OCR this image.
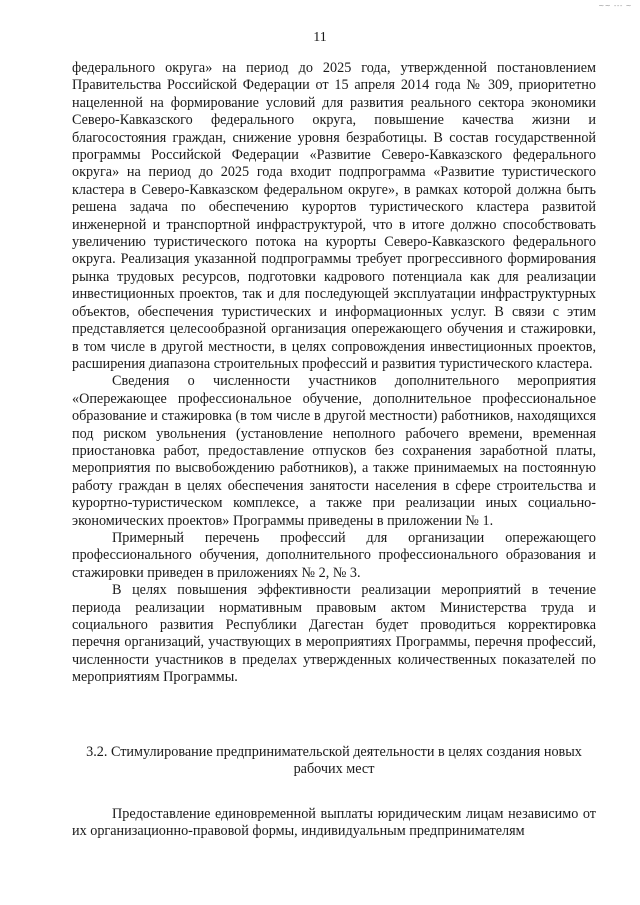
~~ --- ~
11

федерального округа» на период до 2025 года, утвержденной постановлением Правительства Российской Федерации от 15 апреля 2014 года № 309, приоритетно нацеленной на формирование условий для развития реального сектора экономики Северо-Кавказского федерального округа, повышение качества жизни и благосостояния граждан, снижение уровня безработицы. В состав государственной программы Российской Федерации «Развитие Северо-Кавказского федерального округа» на период до 2025 года входит подпрограмма «Развитие туристического кластера в Северо-Кавказском федеральном округе», в рамках которой должна быть решена задача по обеспечению курортов туристического кластера развитой инженерной и транспортной инфраструктурой, что в итоге должно способствовать увеличению туристического потока на курорты Северо-Кавказского федерального округа. Реализация указанной подпрограммы требует прогрессивного формирования рынка трудовых ресурсов, подготовки кадрового потенциала как для реализации инвестиционных проектов, так и для последующей эксплуатации инфраструктурных объектов, обеспечения туристических и информационных услуг. В связи с этим представляется целесообразной организация опережающего обучения и стажировки, в том числе в другой местности, в целях сопровождения инвестиционных проектов, расширения диапазона строительных профессий и развития туристического кластера.

Сведения о численности участников дополнительного мероприятия «Опережающее профессиональное обучение, дополнительное профессиональное образование и стажировка (в том числе в другой местности) работников, находящихся под риском увольнения (установление неполного рабочего времени, временная приостановка работ, предоставление отпусков без сохранения заработной платы, мероприятия по высвобождению работников), а также принимаемых на постоянную работу граждан в целях обеспечения занятости населения в сфере строительства и курортно-туристическом комплексе, а также при реализации иных социально-экономических проектов» Программы приведены в приложении № 1.

Примерный перечень профессий для организации опережающего профессионального обучения, дополнительного профессионального образования и стажировки приведен в приложениях № 2, № 3.

В целях повышения эффективности реализации мероприятий в течение периода реализации нормативным правовым актом Министерства труда и социального развития Республики Дагестан будет проводиться корректировка перечня организаций, участвующих в мероприятиях Программы, перечня профессий, численности участников в пределах утвержденных количественных показателей по мероприятиям Программы.

3.2. Стимулирование предпринимательской деятельности в целях создания новых рабочих мест

Предоставление единовременной выплаты юридическим лицам независимо от их организационно-правовой формы, индивидуальным предпринимателям
